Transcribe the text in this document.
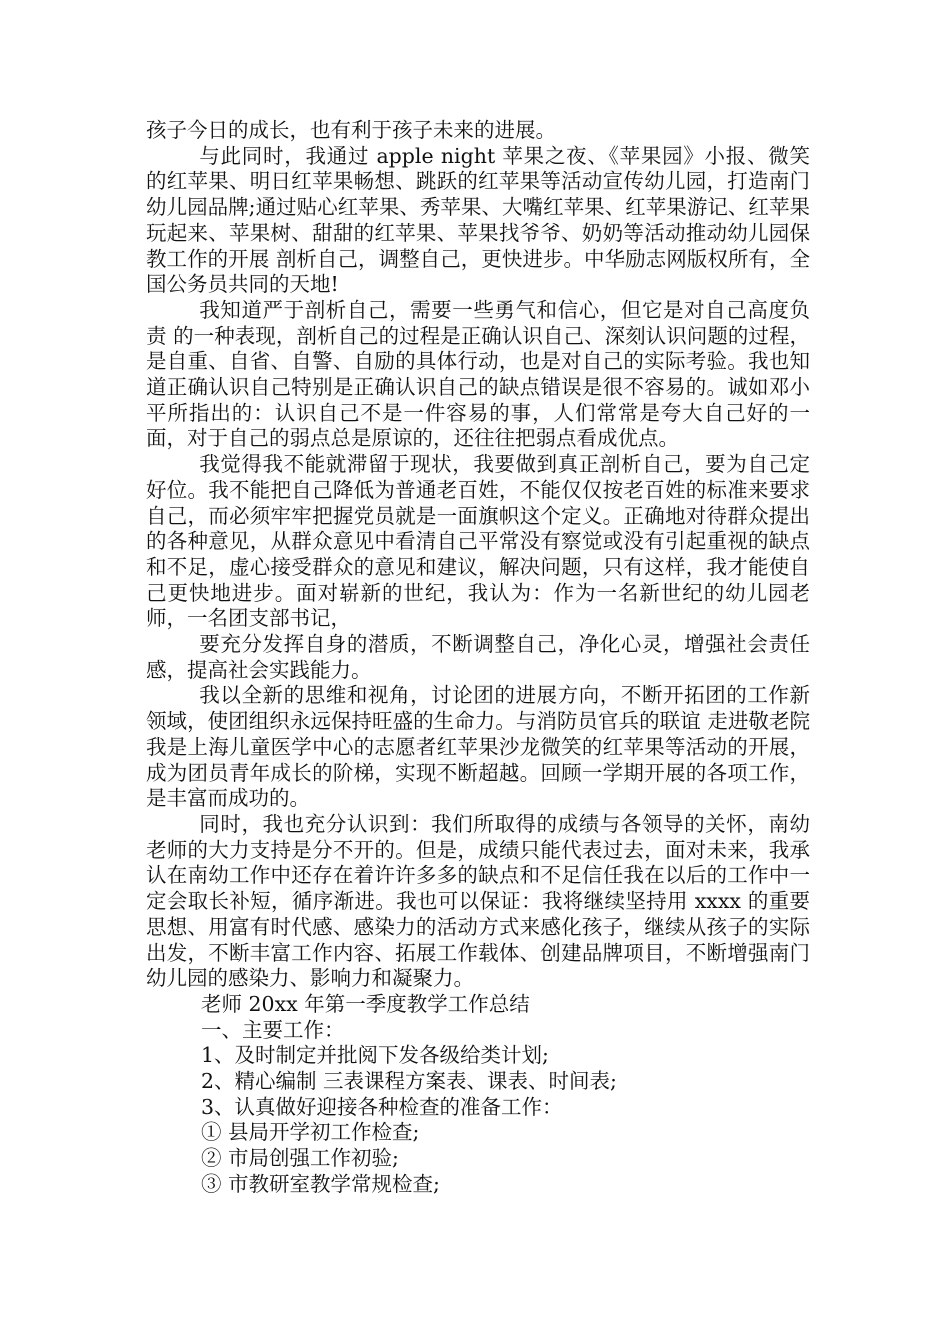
孩子今日的成长，也有利于孩子未来的进展。

与此同时，我通过 apple night 苹果之夜、《苹果园》小报、微笑的红苹果、明日红苹果畅想、跳跃的红苹果等活动宣传幼儿园，打造南门幼儿园品牌;通过贴心红苹果、秀苹果、大嘴红苹果、红苹果游记、红苹果玩起来、苹果树、甜甜的红苹果、苹果找爷爷、奶奶等活动推动幼儿园保教工作的开展 剖析自己，调整自己，更快进步。中华励志网版权所有，全国公务员共同的天地!

我知道严于剖析自己，需要一些勇气和信心，但它是对自己高度负责 的一种表现，剖析自己的过程是正确认识自己、深刻认识问题的过程，是自重、自省、自警、自励的具体行动，也是对自己的实际考验。我也知道正确认识自己特别是正确认识自己的缺点错误是很不容易的。诚如邓小平所指出的：认识自己不是一件容易的事，人们常常是夸大自己好的一面，对于自己的弱点总是原谅的，还往往把弱点看成优点。

我觉得我不能就滞留于现状，我要做到真正剖析自己，要为自己定好位。我不能把自己降低为普通老百姓，不能仅仅按老百姓的标准来要求自己，而必须牢牢把握党员就是一面旗帜这个定义。正确地对待群众提出的各种意见，从群众意见中看清自己平常没有察觉或没有引起重视的缺点和不足，虚心接受群众的意见和建议，解决问题，只有这样，我才能使自己更快地进步。面对崭新的世纪，我认为：作为一名新世纪的幼儿园老师，一名团支部书记，

要充分发挥自身的潜质，不断调整自己，净化心灵，增强社会责任感，提高社会实践能力。

我以全新的思维和视角，讨论团的进展方向，不断开拓团的工作新领域，使团组织永远保持旺盛的生命力。与消防员官兵的联谊 走进敬老院我是上海儿童医学中心的志愿者红苹果沙龙微笑的红苹果等活动的开展，成为团员青年成长的阶梯，实现不断超越。回顾一学期开展的各项工作，是丰富而成功的。

同时，我也充分认识到：我们所取得的成绩与各领导的关怀，南幼老师的大力支持是分不开的。但是，成绩只能代表过去，面对未来，我承认在南幼工作中还存在着许许多多的缺点和不足信任我在以后的工作中一定会取长补短，循序渐进。我也可以保证：我将继续坚持用 xxxx 的重要思想、用富有时代感、感染力的活动方式来感化孩子，继续从孩子的实际出发，不断丰富工作内容、拓展工作载体、创建品牌项目，不断增强南门幼儿园的感染力、影响力和凝聚力。

老师 20xx 年第一季度教学工作总结

一、主要工作：

1、及时制定并批阅下发各级给类计划;

2、精心编制 三表课程方案表、课表、时间表;

3、认真做好迎接各种检查的准备工作：

① 县局开学初工作检查;

② 市局创强工作初验;

③ 市教研室教学常规检查;
